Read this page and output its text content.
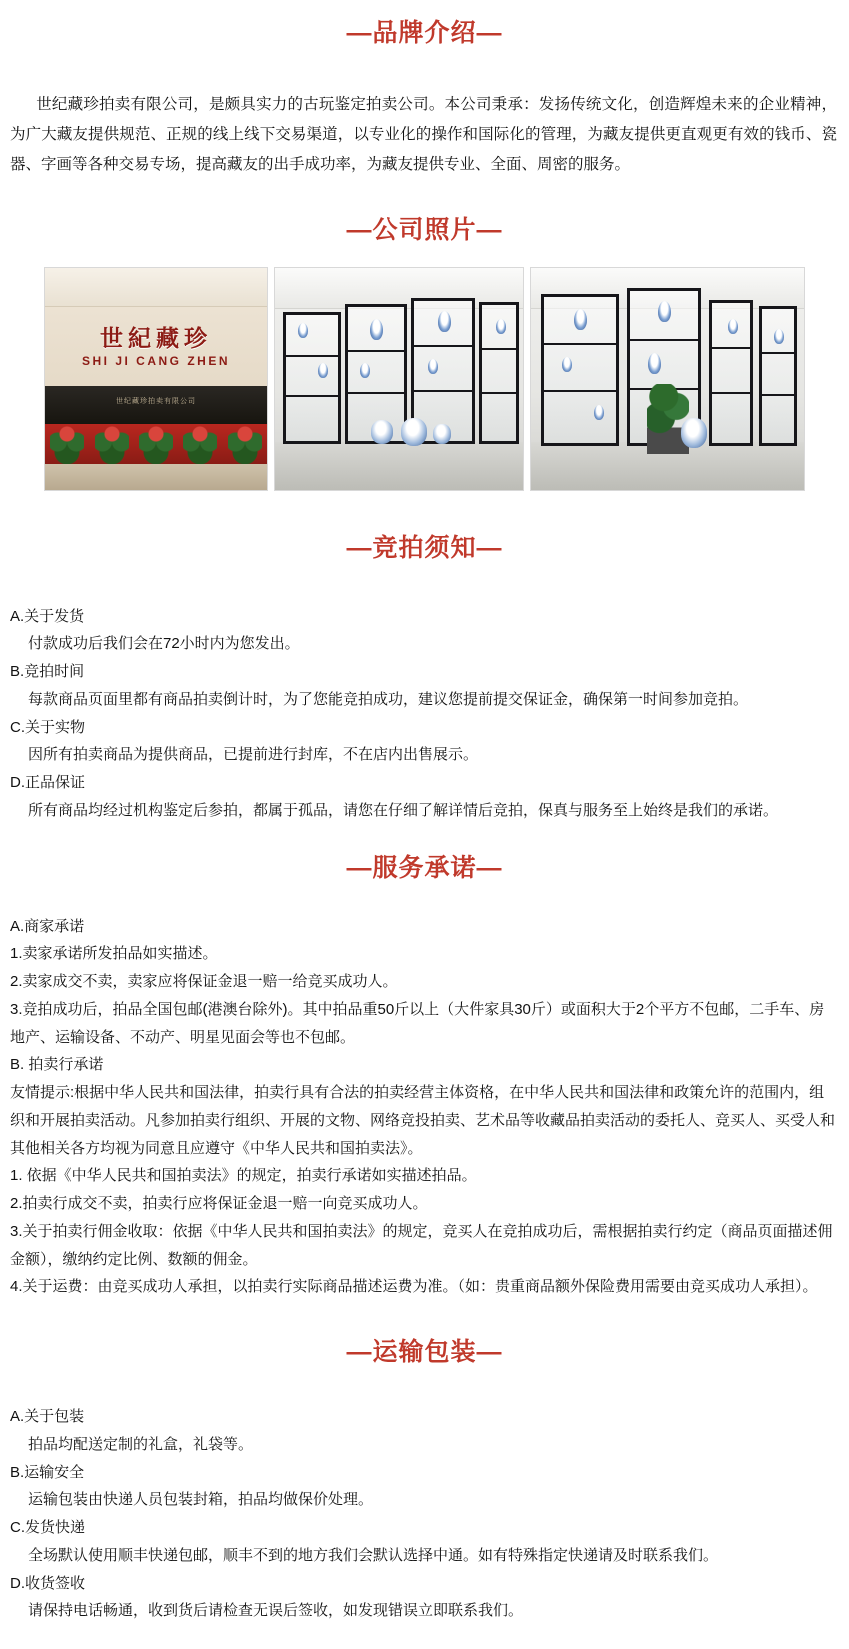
—品牌介绍—
世纪藏珍拍卖有限公司，是颇具实力的古玩鉴定拍卖公司。本公司秉承：发扬传统文化，创造辉煌未来的企业精神，为广大藏友提供规范、正规的线上线下交易渠道，以专业化的操作和国际化的管理，为藏友提供更直观更有效的钱币、瓷器、字画等各种交易专场，提高藏友的出手成功率，为藏友提供专业、全面、周密的服务。
—公司照片—
世紀藏珍
SHI JI CANG ZHEN
世纪藏珍拍卖有限公司
—竞拍须知—
A.关于发货
付款成功后我们会在72小时内为您发出。
B.竞拍时间
每款商品页面里都有商品拍卖倒计时，为了您能竞拍成功，建议您提前提交保证金，确保第一时间参加竞拍。
C.关于实物
因所有拍卖商品为提供商品，已提前进行封库，不在店内出售展示。
D.正品保证
所有商品均经过机构鉴定后参拍，都属于孤品，请您在仔细了解详情后竞拍，保真与服务至上始终是我们的承诺。
—服务承诺—
A.商家承诺
1.卖家承诺所发拍品如实描述。
2.卖家成交不卖，卖家应将保证金退一赔一给竞买成功人。
3.竞拍成功后，拍品全国包邮(港澳台除外)。其中拍品重50斤以上（大件家具30斤）或面积大于2个平方不包邮，二手车、房地产、运输设备、不动产、明星见面会等也不包邮。
B. 拍卖行承诺
友情提示:根据中华人民共和国法律，拍卖行具有合法的拍卖经营主体资格，在中华人民共和国法律和政策允许的范围内，组织和开展拍卖活动。凡参加拍卖行组织、开展的文物、网络竞投拍卖、艺术品等收藏品拍卖活动的委托人、竞买人、买受人和其他相关各方均视为同意且应遵守《中华人民共和国拍卖法》。
1. 依据《中华人民共和国拍卖法》的规定，拍卖行承诺如实描述拍品。
2.拍卖行成交不卖，拍卖行应将保证金退一赔一向竞买成功人。
3.关于拍卖行佣金收取：依据《中华人民共和国拍卖法》的规定，竞买人在竞拍成功后，需根据拍卖行约定（商品页面描述佣金额），缴纳约定比例、数额的佣金。
4.关于运费：由竞买成功人承担，以拍卖行实际商品描述运费为准。（如：贵重商品额外保险费用需要由竞买成功人承担）。
—运输包装—
A.关于包装
拍品均配送定制的礼盒，礼袋等。
B.运输安全
运输包装由快递人员包装封箱，拍品均做保价处理。
C.发货快递
全场默认使用顺丰快递包邮，顺丰不到的地方我们会默认选择中通。如有特殊指定快递请及时联系我们。
D.收货签收
请保持电话畅通，收到货后请检查无误后签收，如发现错误立即联系我们。
